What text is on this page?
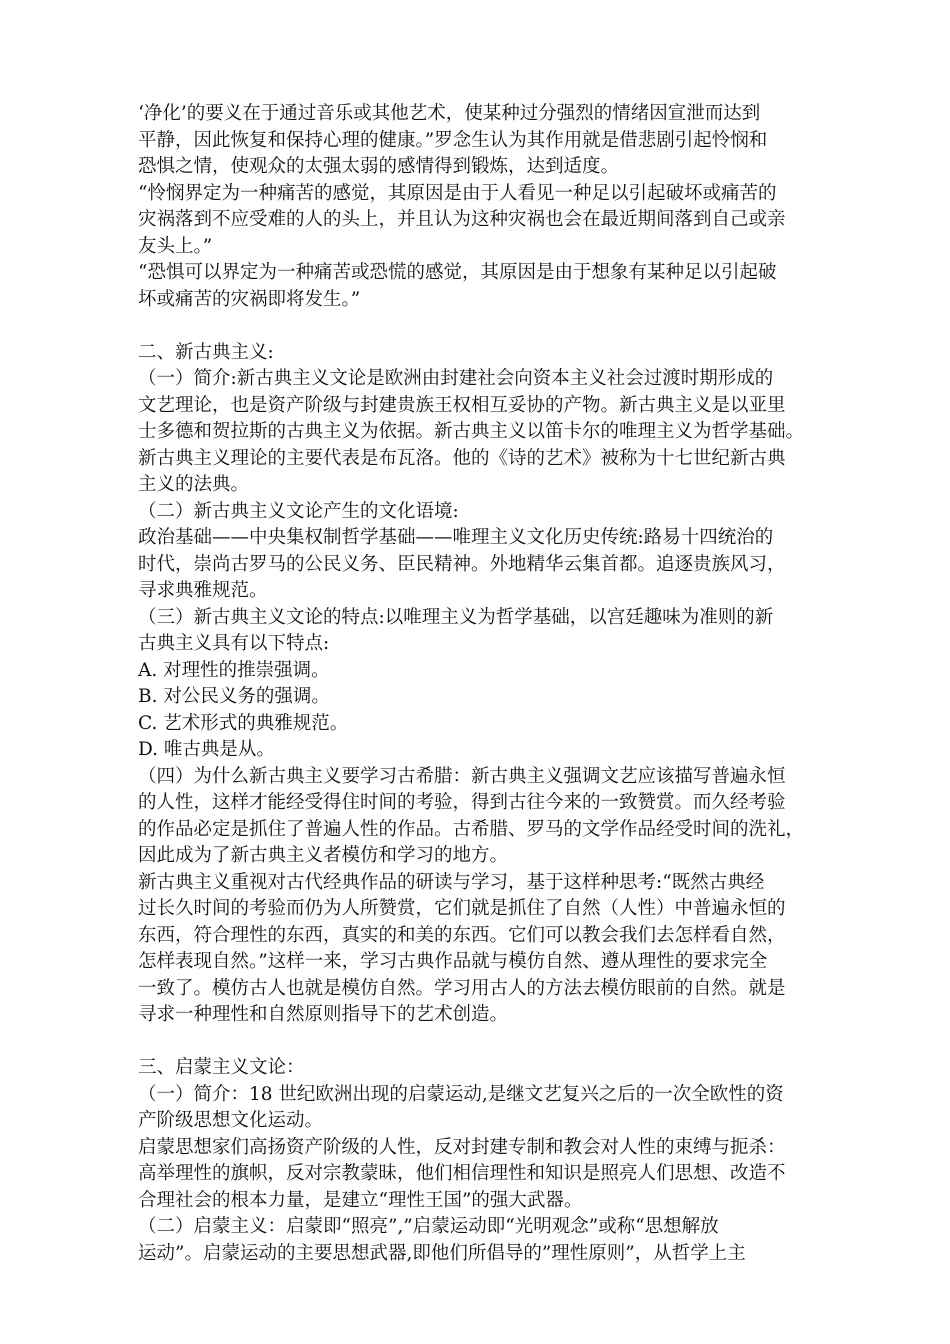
‘净化’的要义在于通过音乐或其他艺术，使某种过分强烈的情绪因宣泄而达到
平静，因此恢复和保持心理的健康。”罗念生认为其作用就是借悲剧引起怜悯和
恐惧之情，使观众的太强太弱的感情得到锻炼，达到适度。
“怜悯界定为一种痛苦的感觉，其原因是由于人看见一种足以引起破坏或痛苦的
灾祸落到不应受难的人的头上，并且认为这种灾祸也会在最近期间落到自己或亲
友头上。”
“恐惧可以界定为一种痛苦或恐慌的感觉，其原因是由于想象有某种足以引起破
坏或痛苦的灾祸即将发生。”
二、新古典主义:
（一）简介:新古典主义文论是欧洲由封建社会向资本主义社会过渡时期形成的
文艺理论，也是资产阶级与封建贵族王权相互妥协的产物。新古典主义是以亚里
士多德和贺拉斯的古典主义为依据。新古典主义以笛卡尔的唯理主义为哲学基础。
新古典主义理论的主要代表是布瓦洛。他的《诗的艺术》被称为十七世纪新古典
主义的法典。
（二）新古典主义文论产生的文化语境:
政治基础——中央集权制哲学基础——唯理主义文化历史传统:路易十四统治的
时代，崇尚古罗马的公民义务、臣民精神。外地精华云集首都。追逐贵族风习，
寻求典雅规范。
（三）新古典主义文论的特点:以唯理主义为哲学基础，以宫廷趣味为准则的新
古典主义具有以下特点:
A. 对理性的推崇强调。
B. 对公民义务的强调。
C. 艺术形式的典雅规范。
D. 唯古典是从。
（四）为什么新古典主义要学习古希腊：新古典主义强调文艺应该描写普遍永恒
的人性，这样才能经受得住时间的考验，得到古往今来的一致赞赏。而久经考验
的作品必定是抓住了普遍人性的作品。古希腊、罗马的文学作品经受时间的洗礼，
因此成为了新古典主义者模仿和学习的地方。
新古典主义重视对古代经典作品的研读与学习，基于这样种思考:“既然古典经
过长久时间的考验而仍为人所赞赏，它们就是抓住了自然（人性）中普遍永恒的
东西，符合理性的东西，真实的和美的东西。它们可以教会我们去怎样看自然，
怎样表现自然。”这样一来，学习古典作品就与模仿自然、遵从理性的要求完全
一致了。模仿古人也就是模仿自然。学习用古人的方法去模仿眼前的自然。就是
寻求一种理性和自然原则指导下的艺术创造。
三、启蒙主义文论：
（一）简介：18 世纪欧洲出现的启蒙运动,是继文艺复兴之后的一次全欧性的资
产阶级思想文化运动。
启蒙思想家们高扬资产阶级的人性，反对封建专制和教会对人性的束缚与扼杀：
高举理性的旗帜，反对宗教蒙昧，他们相信理性和知识是照亮人们思想、改造不
合理社会的根本力量，是建立“理性王国”的强大武器。
（二）启蒙主义：启蒙即“照亮”,”启蒙运动即“光明观念”或称“思想解放
运动”。启蒙运动的主要思想武器,即他们所倡导的”理性原则”，从哲学上主
